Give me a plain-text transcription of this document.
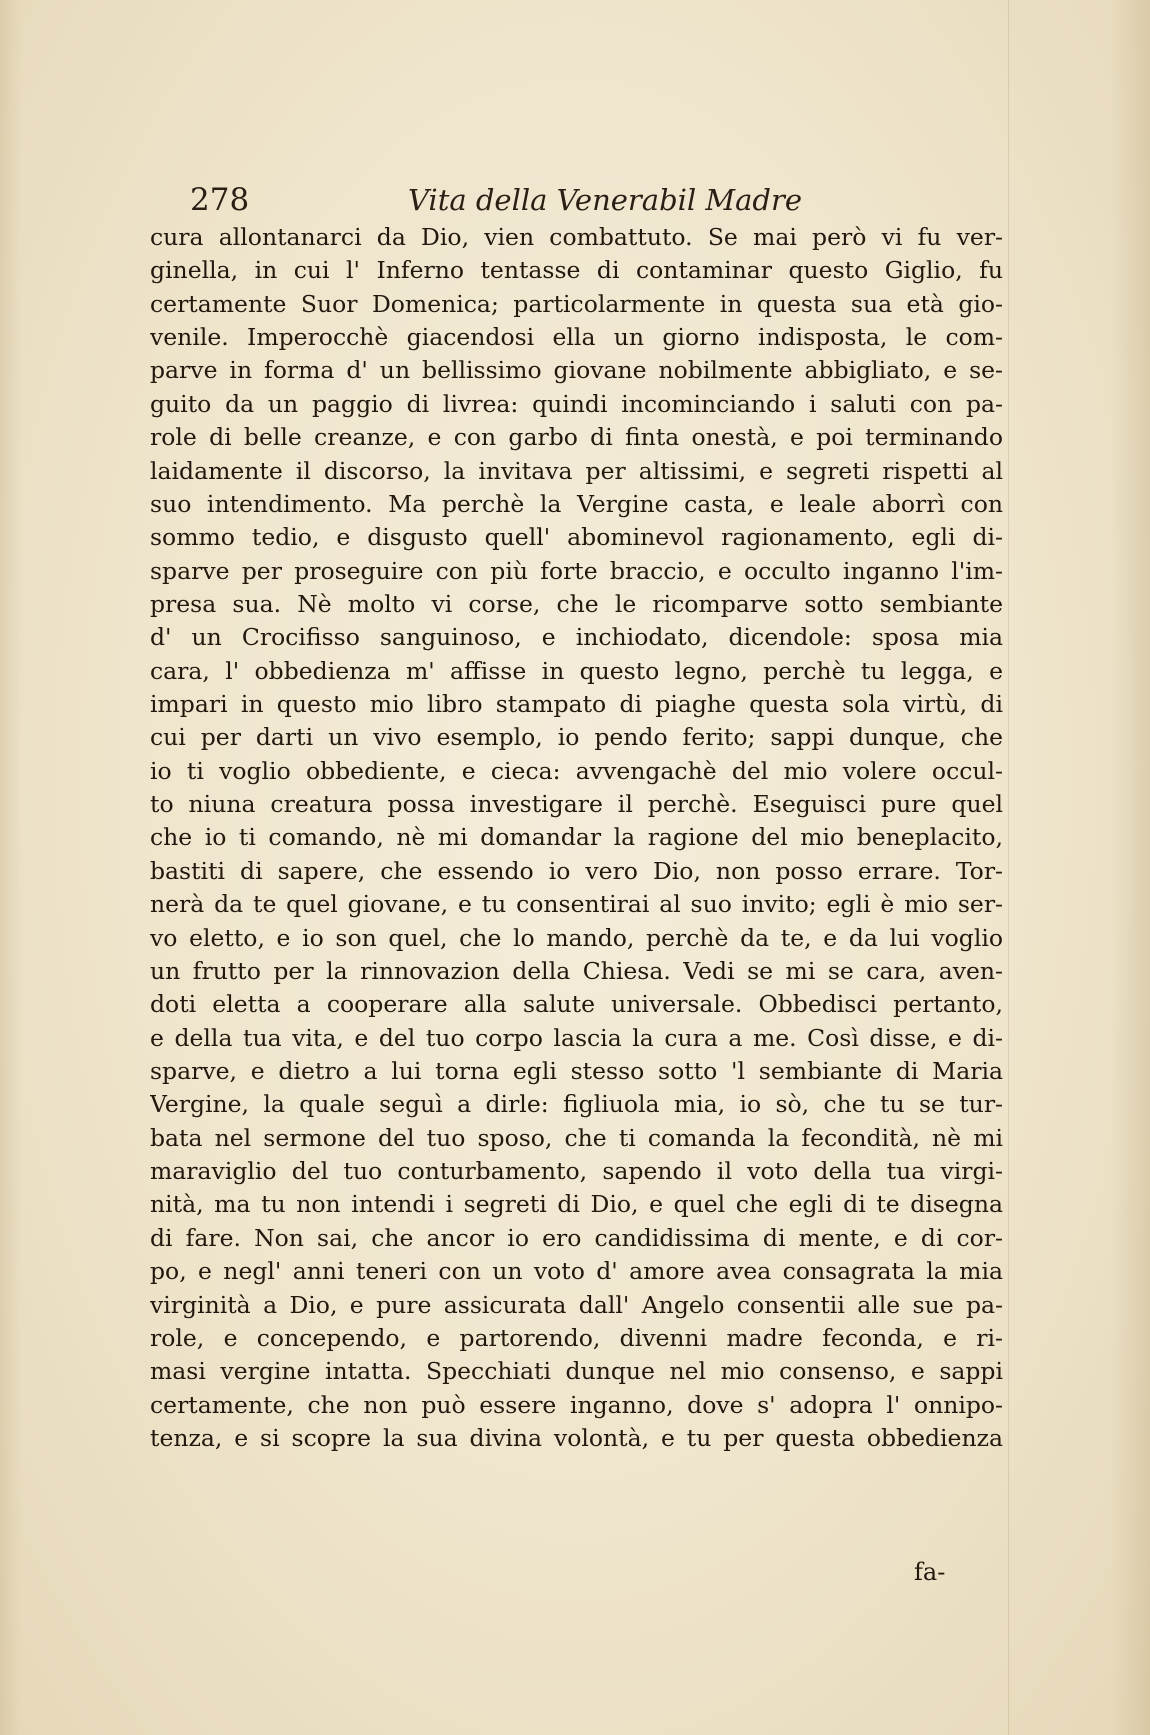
278	Vita della Venerabil Madre
cura allontanarci da Dio, vien combattuto. Se mai però vi fu ver-
ginella, in cui l' Inferno tentasse di contaminar questo Giglio, fu
certamente Suor Domenica; particolarmente in questa sua età gio-
venile. Imperocchè giacendosi ella un giorno indisposta, le com-
parve in forma d' un bellissimo giovane nobilmente abbigliato, e se-
guito da un paggio di livrea: quindi incominciando i saluti con pa-
role di belle creanze, e con garbo di finta onestà, e poi terminando
laidamente il discorso, la invitava per altissimi, e segreti rispetti al
suo intendimento. Ma perchè la Vergine casta, e leale aborrì con
sommo tedio, e disgusto quell' abominevol ragionamento, egli di-
sparve per proseguire con più forte braccio, e occulto inganno l'im-
presa sua. Nè molto vi corse, che le ricomparve sotto sembiante
d' un Crocifisso sanguinoso, e inchiodato, dicendole: sposa mia
cara, l' obbedienza m' affisse in questo legno, perchè tu legga, e
impari in questo mio libro stampato di piaghe questa sola virtù, di
cui per darti un vivo esemplo, io pendo ferito; sappi dunque, che
io ti voglio obbediente, e cieca: avvengachè del mio volere occul-
to niuna creatura possa investigare il perchè. Eseguisci pure quel
che io ti comando, nè mi domandar la ragione del mio beneplacito,
bastiti di sapere, che essendo io vero Dio, non posso errare. Tor-
nerà da te quel giovane, e tu consentirai al suo invito; egli è mio ser-
vo eletto, e io son quel, che lo mando, perchè da te, e da lui voglio
un frutto per la rinnovazion della Chiesa. Vedi se mi se cara, aven-
doti eletta a cooperare alla salute universale. Obbedisci pertanto,
e della tua vita, e del tuo corpo lascia la cura a me. Così disse, e di-
sparve, e dietro a lui torna egli stesso sotto 'l sembiante di Maria
Vergine, la quale seguì a dirle: figliuola mia, io sò, che tu se tur-
bata nel sermone del tuo sposo, che ti comanda la fecondità, nè mi
maraviglio del tuo conturbamento, sapendo il voto della tua virgi-
nità, ma tu non intendi i segreti di Dio, e quel che egli di te disegna
di fare. Non sai, che ancor io ero candidissima di mente, e di cor-
po, e negl' anni teneri con un voto d' amore avea consagrata la mia
virginità a Dio, e pure assicurata dall' Angelo consentii alle sue pa-
role, e concependo, e partorendo, divenni madre feconda, e ri-
masi vergine intatta. Specchiati dunque nel mio consenso, e sappi
certamente, che non può essere inganno, dove s' adopra l' onnipo-
tenza, e si scopre la sua divina volontà, e tu per questa obbedienza
fa-
